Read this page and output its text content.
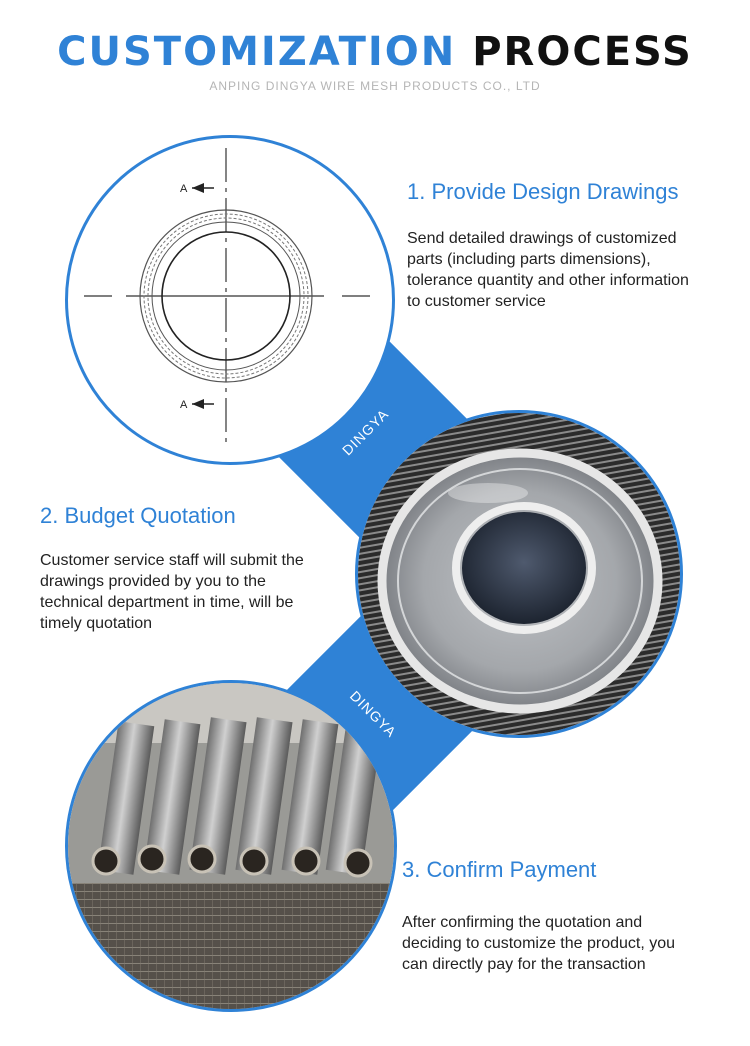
CUSTOMIZATION PROCESS
ANPING DINGYA WIRE MESH PRODUCTS CO., LTD
A
A
1. Provide Design Drawings
Send detailed drawings of customized
parts (including parts dimensions),
tolerance quantity and other information
to customer service
2. Budget Quotation
Customer service staff will submit the
drawings provided by you to the
technical department in time, will be
timely quotation
3. Confirm Payment
After confirming the quotation and
deciding to customize the product, you
can directly pay for the transaction
